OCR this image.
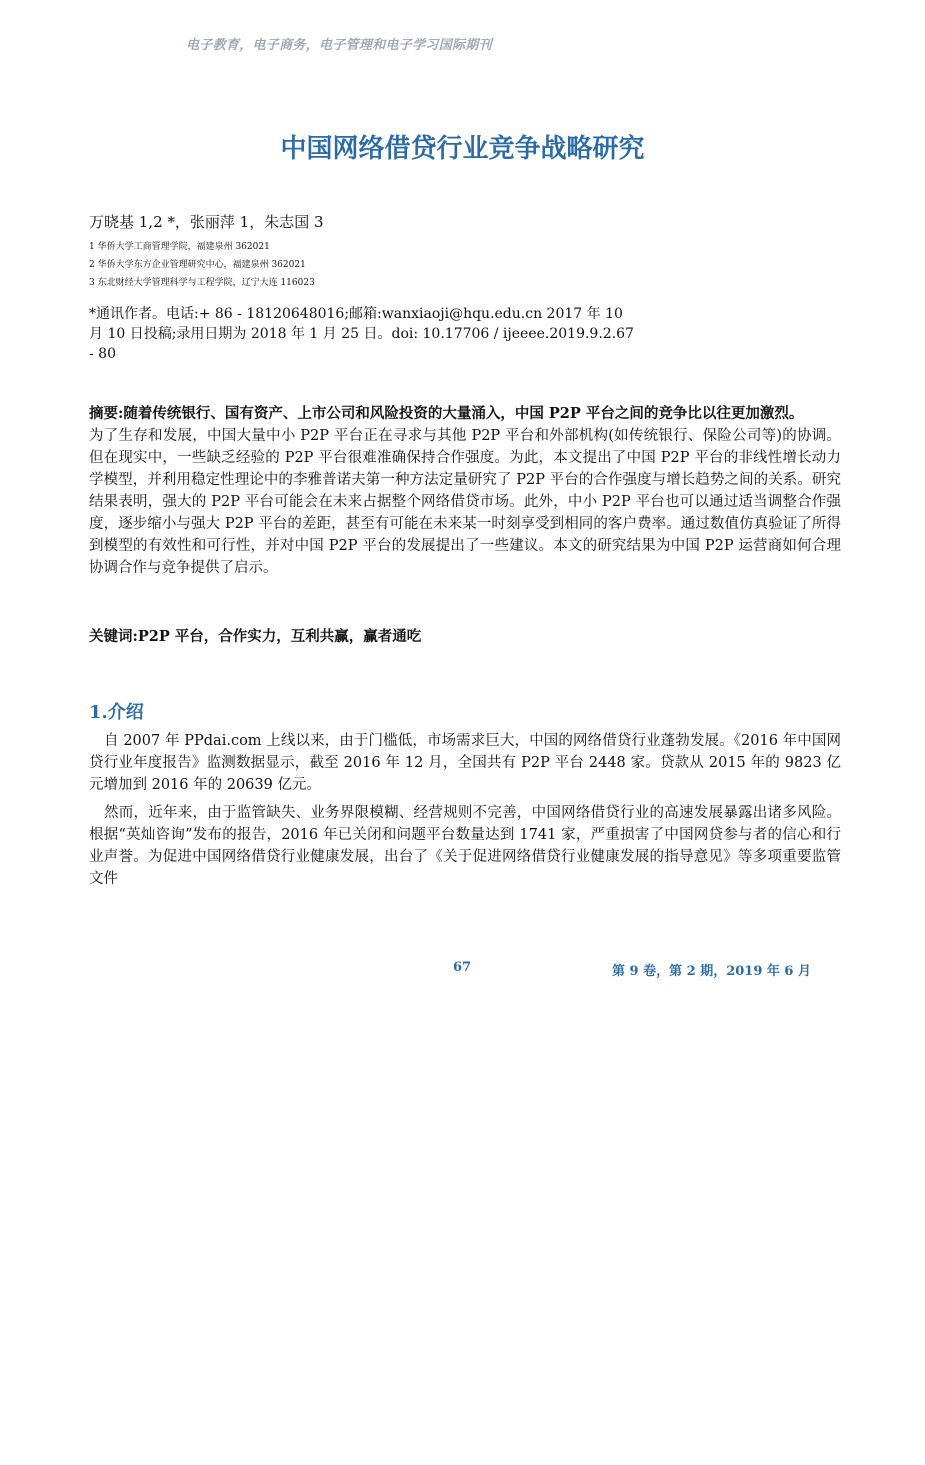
电子教育，电子商务，电子管理和电子学习国际期刊
中国网络借贷行业竞争战略研究
万晓基 1,2 *，张丽萍 1，朱志国 3
1 华侨大学工商管理学院，福建泉州 362021
2 华侨大学东方企业管理研究中心，福建泉州 362021
3 东北财经大学管理科学与工程学院，辽宁大连 116023
*通讯作者。电话:+ 86 - 18120648016;邮箱:wanxiaoji@hqu.edu.cn 2017 年 10
月 10 日投稿;录用日期为 2018 年 1 月 25 日。doi: 10.17706 / ijeeee.2019.9.2.67
- 80
摘要:随着传统银行、国有资产、上市公司和风险投资的大量涌入，中国 P2P 平台之间的竞争比以往更加激烈。
为了生存和发展，中国大量中小 P2P 平台正在寻求与其他 P2P 平台和外部机构(如传统银行、保险公司等)的协调。但在现实中，一些缺乏经验的 P2P 平台很难准确保持合作强度。为此，本文提出了中国 P2P 平台的非线性增长动力学模型，并利用稳定性理论中的李雅普诺夫第一种方法定量研究了 P2P 平台的合作强度与增长趋势之间的关系。研究结果表明，强大的 P2P 平台可能会在未来占据整个网络借贷市场。此外，中小 P2P 平台也可以通过适当调整合作强度，逐步缩小与强大 P2P 平台的差距，甚至有可能在未来某一时刻享受到相同的客户费率。通过数值仿真验证了所得到模型的有效性和可行性，并对中国 P2P 平台的发展提出了一些建议。本文的研究结果为中国 P2P 运营商如何合理协调合作与竞争提供了启示。
关键词:P2P 平台，合作实力，互利共赢，赢者通吃
1.介绍

自 2007 年 PPdai.com 上线以来，由于门槛低，市场需求巨大，中国的网络借贷行业蓬勃发展。《2016 年中国网贷行业年度报告》监测数据显示，截至 2016 年 12 月，全国共有 P2P 平台 2448 家。贷款从 2015 年的 9823 亿元增加到 2016 年的 20639 亿元。

然而，近年来，由于监管缺失、业务界限模糊、经营规则不完善，中国网络借贷行业的高速发展暴露出诸多风险。根据“英灿咨询”发布的报告，2016 年已关闭和问题平台数量达到 1741 家，严重损害了中国网贷参与者的信心和行业声誉。为促进中国网络借贷行业健康发展，出台了《关于促进网络借贷行业健康发展的指导意见》等多项重要监管文件

67	第 9 卷，第 2 期，2019 年 6 月
